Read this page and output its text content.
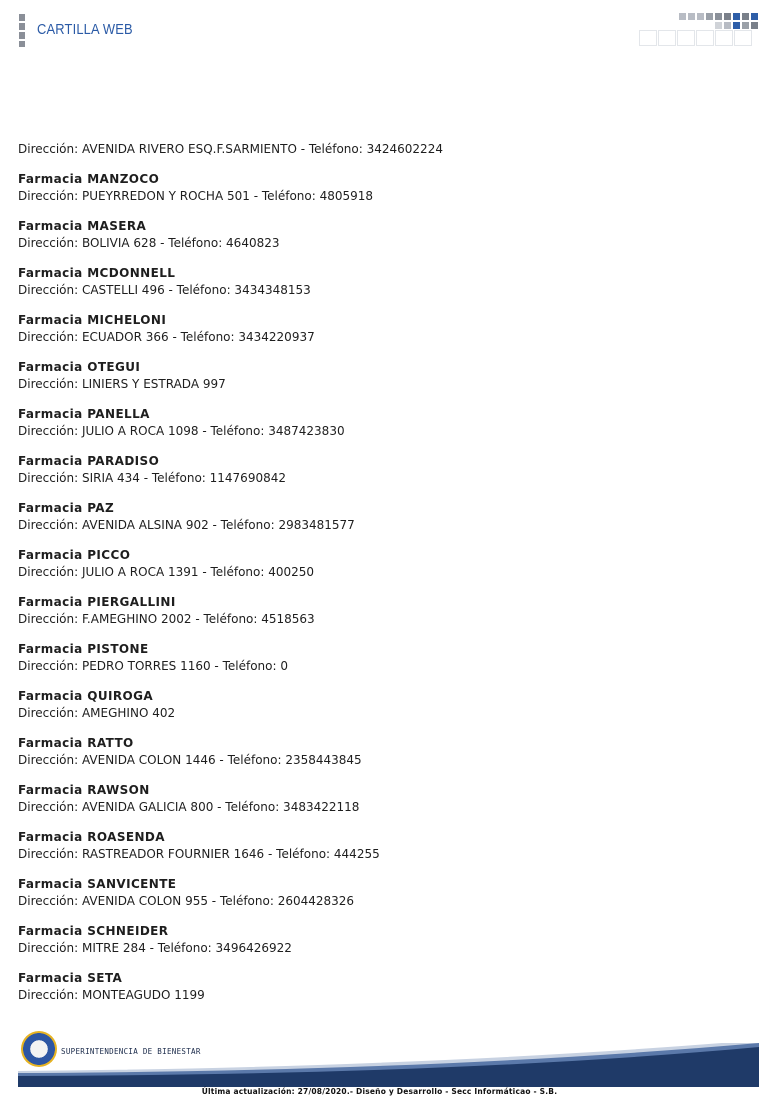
CARTILLA WEB
Dirección: AVENIDA RIVERO ESQ.F.SARMIENTO - Teléfono: 3424602224
Farmacia MANZOCO
Dirección: PUEYRREDON Y ROCHA 501 - Teléfono: 4805918
Farmacia MASERA
Dirección: BOLIVIA 628 - Teléfono: 4640823
Farmacia MCDONNELL
Dirección: CASTELLI 496 - Teléfono: 3434348153
Farmacia MICHELONI
Dirección: ECUADOR 366 - Teléfono: 3434220937
Farmacia OTEGUI
Dirección: LINIERS Y ESTRADA 997
Farmacia PANELLA
Dirección: JULIO A ROCA 1098 - Teléfono: 3487423830
Farmacia PARADISO
Dirección: SIRIA 434 - Teléfono: 1147690842
Farmacia PAZ
Dirección: AVENIDA ALSINA 902 - Teléfono: 2983481577
Farmacia PICCO
Dirección: JULIO A ROCA 1391 - Teléfono: 400250
Farmacia PIERGALLINI
Dirección: F.AMEGHINO 2002 - Teléfono: 4518563
Farmacia PISTONE
Dirección: PEDRO TORRES 1160 - Teléfono: 0
Farmacia QUIROGA
Dirección: AMEGHINO 402
Farmacia RATTO
Dirección: AVENIDA COLON 1446 - Teléfono: 2358443845
Farmacia RAWSON
Dirección: AVENIDA GALICIA 800 - Teléfono: 3483422118
Farmacia ROASENDA
Dirección: RASTREADOR FOURNIER 1646 - Teléfono: 444255
Farmacia SANVICENTE
Dirección: AVENIDA COLON 955 - Teléfono: 2604428326
Farmacia SCHNEIDER
Dirección: MITRE 284 - Teléfono: 3496426922
Farmacia SETA
Dirección: MONTEAGUDO 1199
SUPERINTENDENCIA DE BIENESTAR
Última actualización: 27/08/2020.- Diseño y Desarrollo - Secc Informáticao - S.B.
